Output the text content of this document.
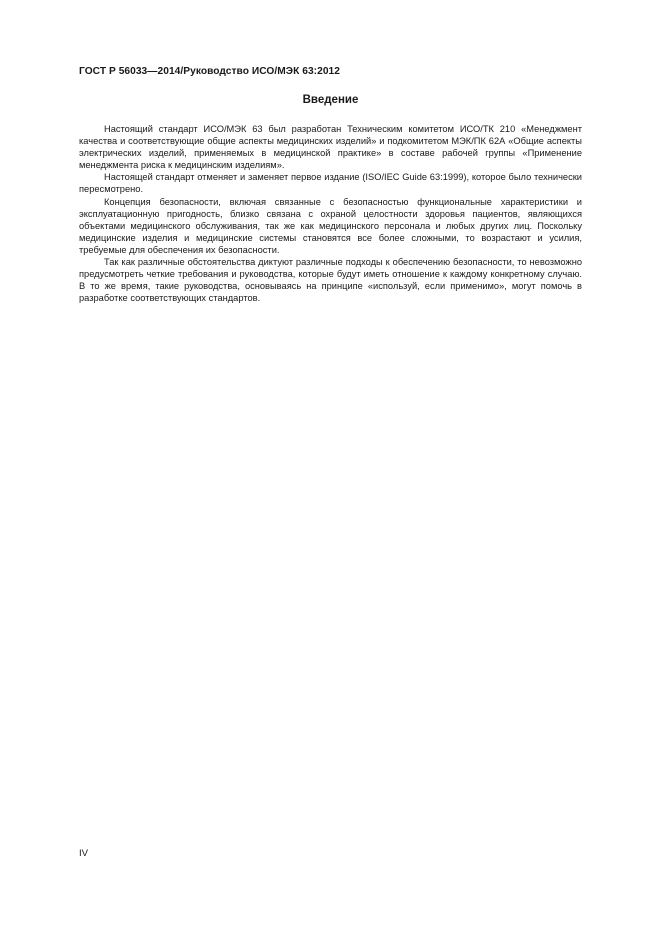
ГОСТ Р 56033—2014/Руководство ИСО/МЭК 63:2012
Введение

Настоящий стандарт ИСО/МЭК 63 был разработан Техническим комитетом ИСО/ТК 210 «Менеджмент качества и соответствующие общие аспекты медицинских изделий» и подкомитетом МЭК/ПК 62А «Общие аспекты электрических изделий, применяемых в медицинской практике» в составе рабочей группы «Применение менеджмента риска к медицинским изделиям».

Настоящей стандарт отменяет и заменяет первое издание (ISO/IEC Guide 63:1999), которое было технически пересмотрено.

Концепция безопасности, включая связанные с безопасностью функциональные характеристики и эксплуатационную пригодность, близко связана с охраной целостности здоровья пациентов, являющихся объектами медицинского обслуживания, так же как медицинского персонала и любых других лиц. Поскольку медицинские изделия и медицинские системы становятся все более сложными, то возрастают и усилия, требуемые для обеспечения их безопасности.

Так как различные обстоятельства диктуют различные подходы к обеспечению безопасности, то невозможно предусмотреть четкие требования и руководства, которые будут иметь отношение к каждому конкретному случаю. В то же время, такие руководства, основываясь на принципе «используй, если применимо», могут помочь в разработке соответствующих стандартов.

IV
